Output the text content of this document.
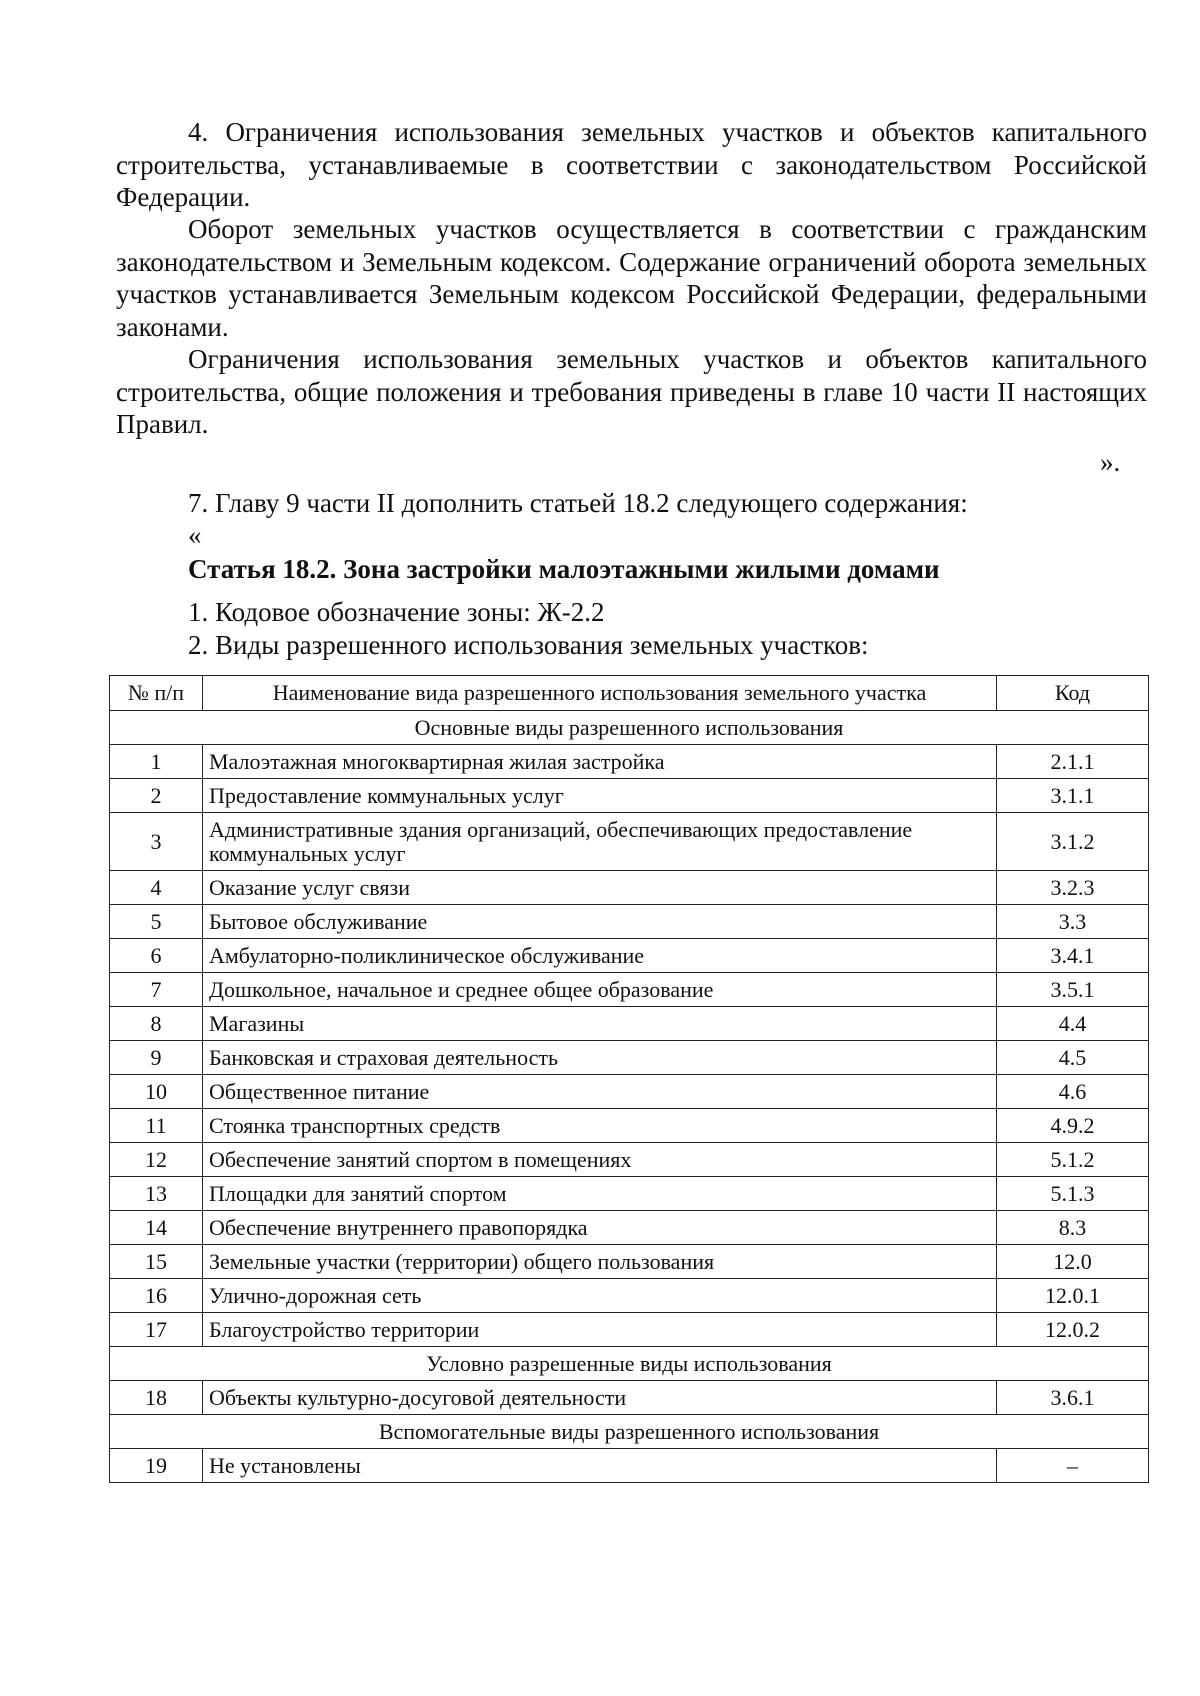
4. Ограничения использования земельных участков и объектов капитального строительства, устанавливаемые в соответствии с законодательством Российской Федерации.

Оборот земельных участков осуществляется в соответствии с гражданским законодательством и Земельным кодексом. Содержание ограничений оборота земельных участков устанавливается Земельным кодексом Российской Федерации, федеральными законами.

Ограничения использования земельных участков и объектов капитального строительства, общие положения и требования приведены в главе 10 части II настоящих Правил.

».

7. Главу 9 части II дополнить статьей 18.2 следующего содержания:

«

Статья 18.2. Зона застройки малоэтажными жилыми домами

1. Кодовое обозначение зоны: Ж-2.2

2. Виды разрешенного использования земельных участков:

№ п/п	Наименование вида разрешенного использования земельного участка	Код
Основные виды разрешенного использования		
1	Малоэтажная многоквартирная жилая застройка	2.1.1
2	Предоставление коммунальных услуг	3.1.1
3	Административные здания организаций, обеспечивающих предоставление коммунальных услуг	3.1.2
4	Оказание услуг связи	3.2.3
5	Бытовое обслуживание	3.3
6	Амбулаторно-поликлиническое обслуживание	3.4.1
7	Дошкольное, начальное и среднее общее образование	3.5.1
8	Магазины	4.4
9	Банковская и страховая деятельность	4.5
10	Общественное питание	4.6
11	Стоянка транспортных средств	4.9.2
12	Обеспечение занятий спортом в помещениях	5.1.2
13	Площадки для занятий спортом	5.1.3
14	Обеспечение внутреннего правопорядка	8.3
15	Земельные участки (территории) общего пользования	12.0
16	Улично-дорожная сеть	12.0.1
17	Благоустройство территории	12.0.2
Условно разрешенные виды использования		
18	Объекты культурно-досуговой деятельности	3.6.1
Вспомогательные виды разрешенного использования		
19	Не установлены	–
